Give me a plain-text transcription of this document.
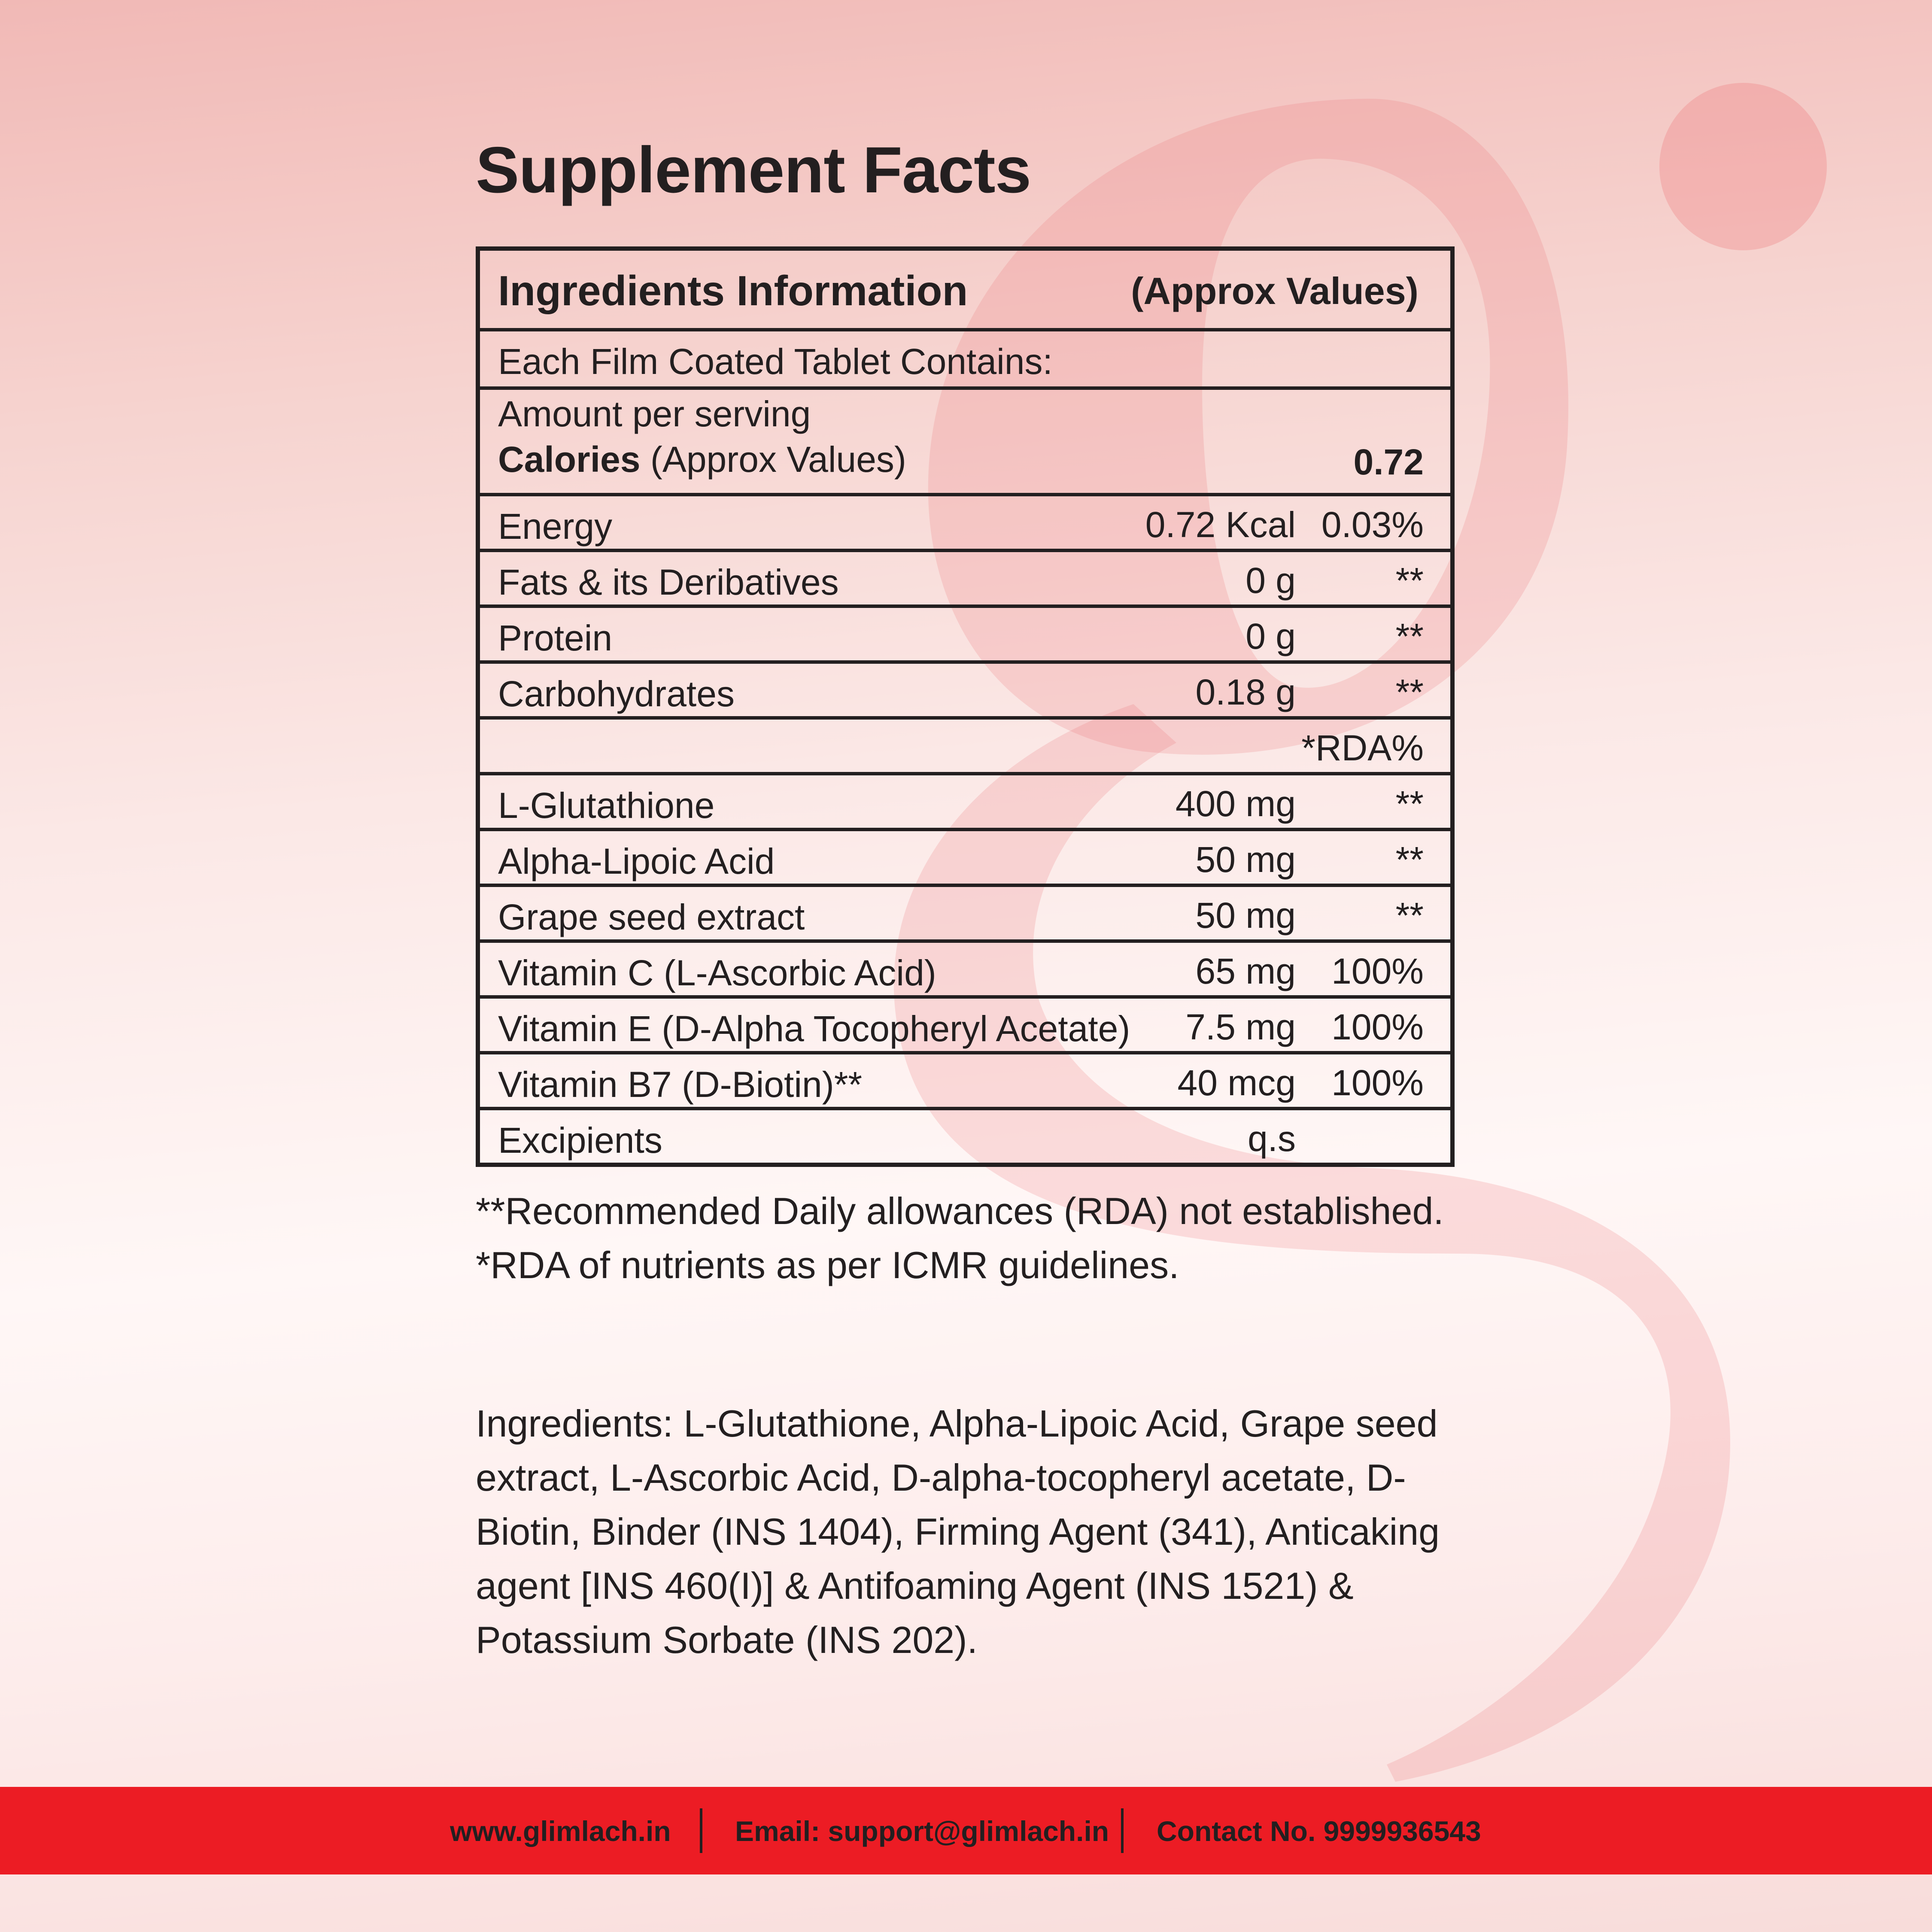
Supplement Facts
Ingredients Information	(Approx Values)
Each Film Coated Tablet Contains:
Amount per serving
Calories (Approx Values)	0.72
Energy	0.72 Kcal 0.03%
Fats & its Deribatives	0 g	**
Protein	0 g	**
Carbohydrates	0.18 g	**
*RDA%
L-Glutathione	400 mg	**
Alpha-Lipoic Acid	50 mg	**
Grape seed extract	50 mg	**
Vitamin C (L-Ascorbic Acid)	65 mg 100%
Vitamin E (D-Alpha Tocopheryl Acetate) 7.5 mg 100%
Vitamin B7 (D-Biotin)**	40 mcg 100%
Excipients	q.s

**Recommended Daily allowances (RDA) not established.

*RDA of nutrients as per ICMR guidelines.

Ingredients: L-Glutathione, Alpha-Lipoic Acid, Grape seed extract, L-Ascorbic Acid, D-alpha-tocopheryl acetate, D-Biotin, Binder (INS 1404), Firming Agent (341), Anticaking agent [INS 460(I)] & Antifoaming Agent (INS 1521) & Potassium Sorbate (INS 202).

www.glimlach.in Email: support@glimlach.in Contact No. 9999936543
